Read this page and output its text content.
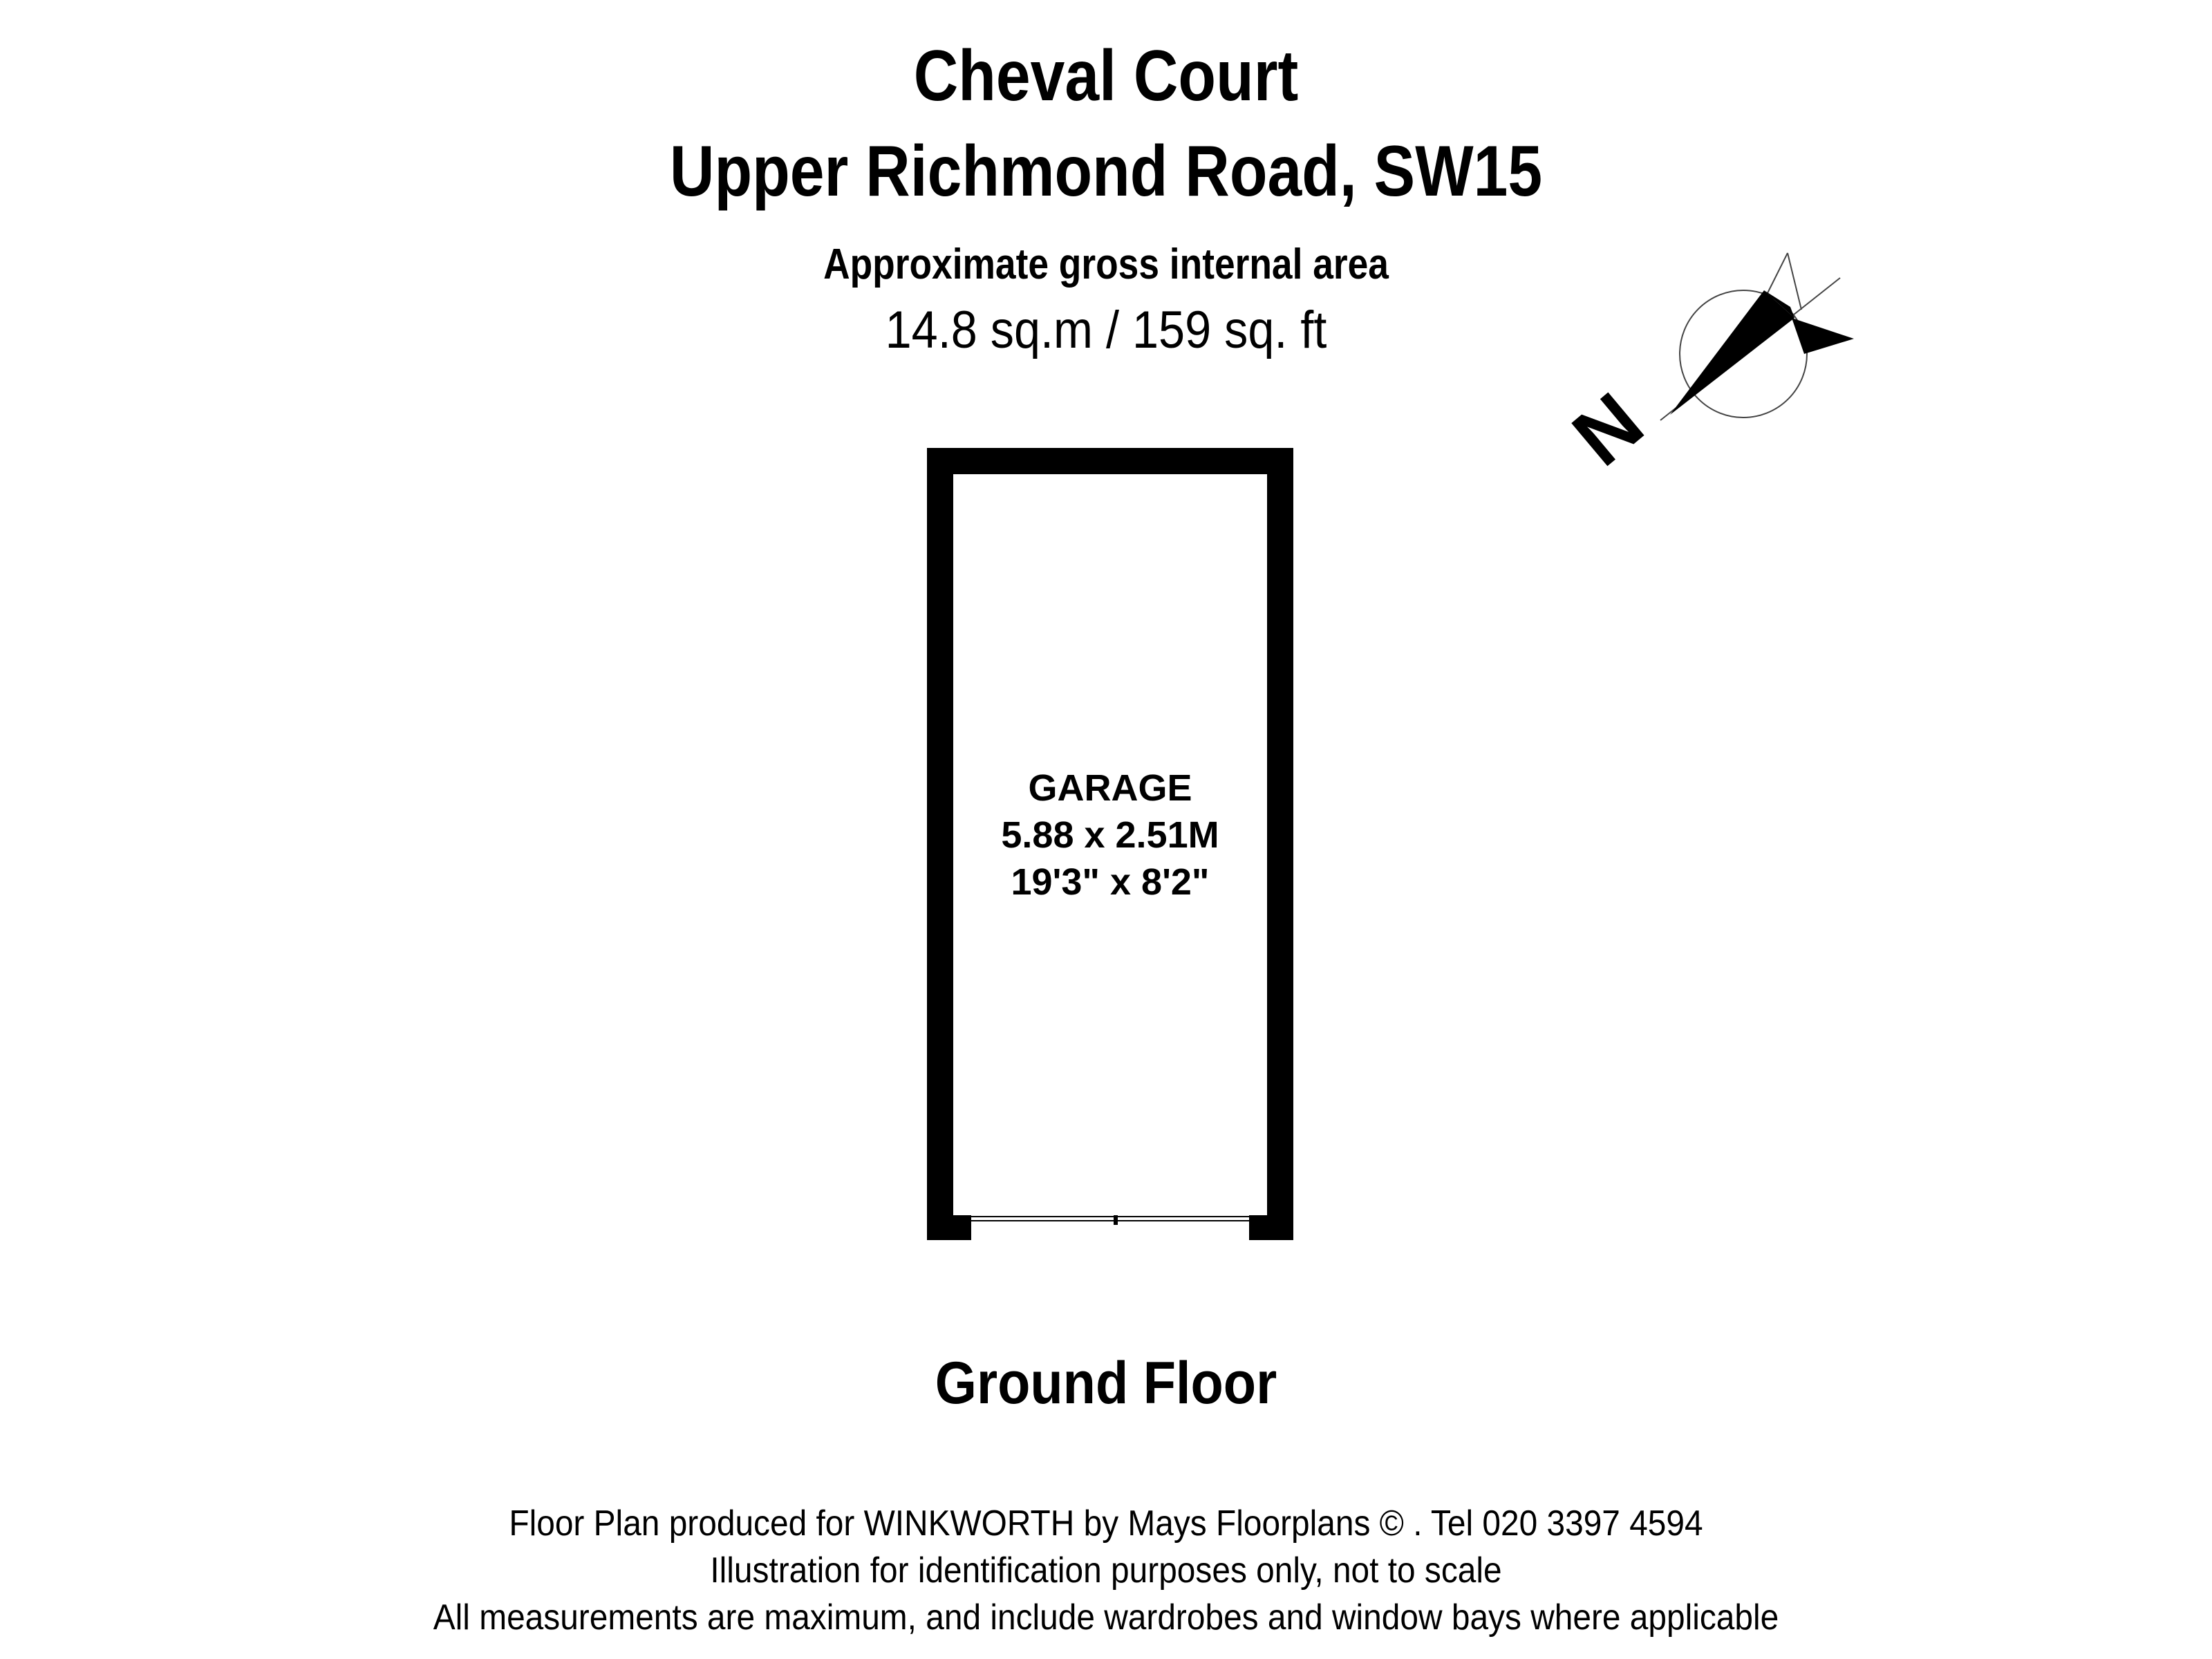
Cheval Court
Upper Richmond Road, SW15
Approximate gross internal area
14.8 sq.m / 159 sq. ft
GARAGE
5.88 x 2.51M
19'3" x 8'2"
N
Ground Floor
Floor Plan produced for WINKWORTH by Mays Floorplans © . Tel 020 3397 4594
Illustration for identification purposes only, not to scale
All measurements are maximum, and include wardrobes and window bays where applicable
